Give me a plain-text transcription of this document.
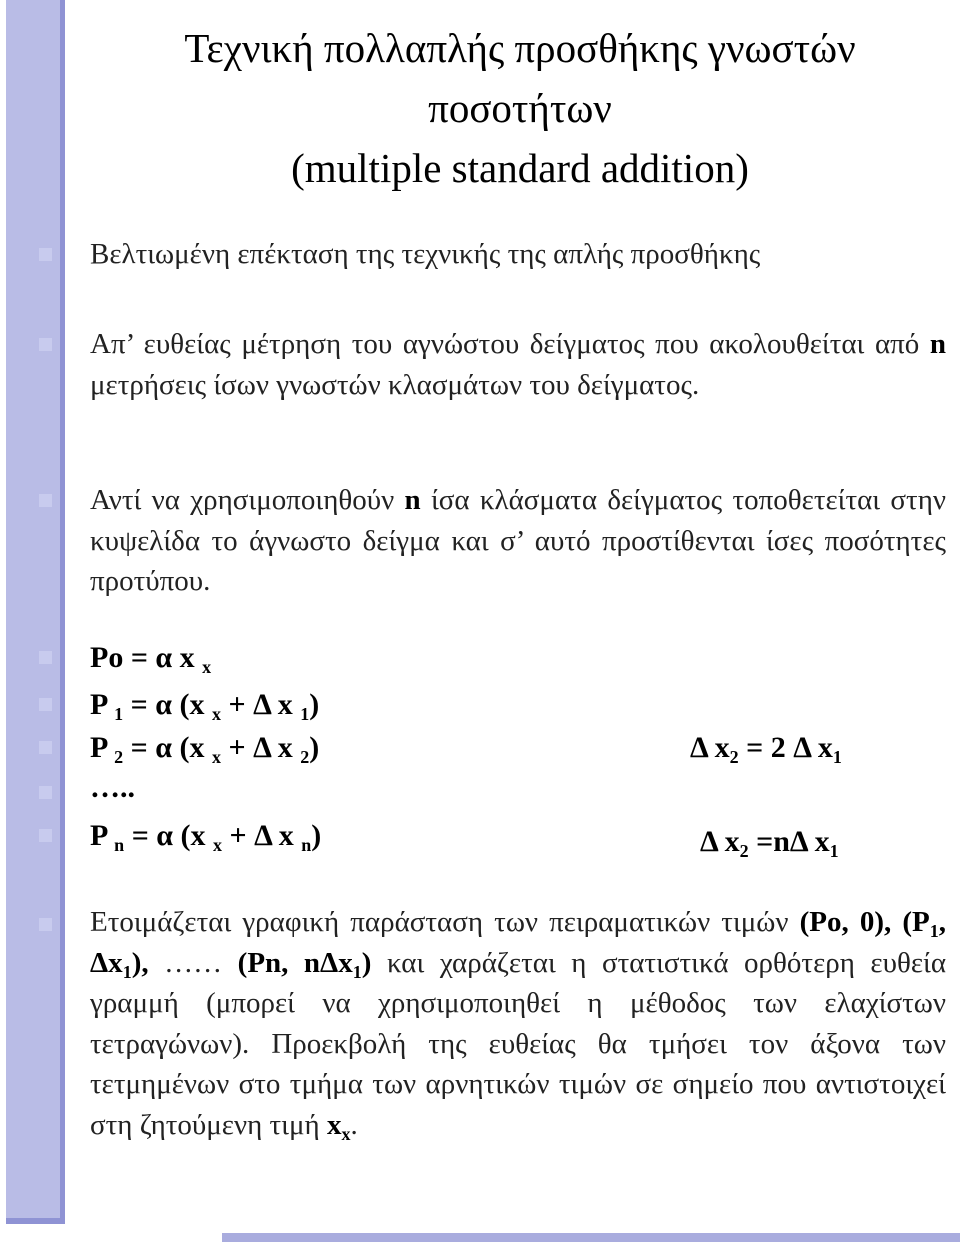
Τεχνική πολλαπλής προσθήκης γνωστών
ποσοτήτων
(multiple standard addition)
Βελτιωμένη επέκταση της τεχνικής της απλής προσθήκης
Απ’ ευθείας μέτρηση του αγνώστου δείγματος που ακολουθείται από n μετρήσεις ίσων γνωστών κλασμάτων του δείγματος.
Αντί να χρησιμοποιηθούν n ίσα κλάσματα δείγματος τοποθετείται στην κυψελίδα το άγνωστο δείγμα και σ’ αυτό προστίθενται ίσες ποσότητες προτύπου.
Po = α x $_x$
P $_1$ = α (x $_x$ + Δ x $_1$)
P $_2$ = α (x $_x$ + Δ x $_2$)	Δ $x_2 = 2$ Δ $x_1$
…..
P $_n$ = α (x $_x$ + Δ x $_n$)	Δ $x_2 =n\Delta$ $x_1$
Ετοιμάζεται γραφική παράσταση των πειραματικών τιμών (Po, 0), ($P_1$, $\Delta x_1$), …… (Pn, nΔx$_1$) και χαράζεται η στατιστικά ορθότερη ευθεία γραμμή (μπορεί να χρησιμοποιηθεί η μέθοδος των ελαχίστων τετραγώνων). Προεκβολή της ευθείας θα τμήσει τον άξονα των τετμημένων στο τμήμα των αρνητικών τιμών σε σημείο που αντιστοιχεί στη ζητούμενη τιμή $x_x$.
